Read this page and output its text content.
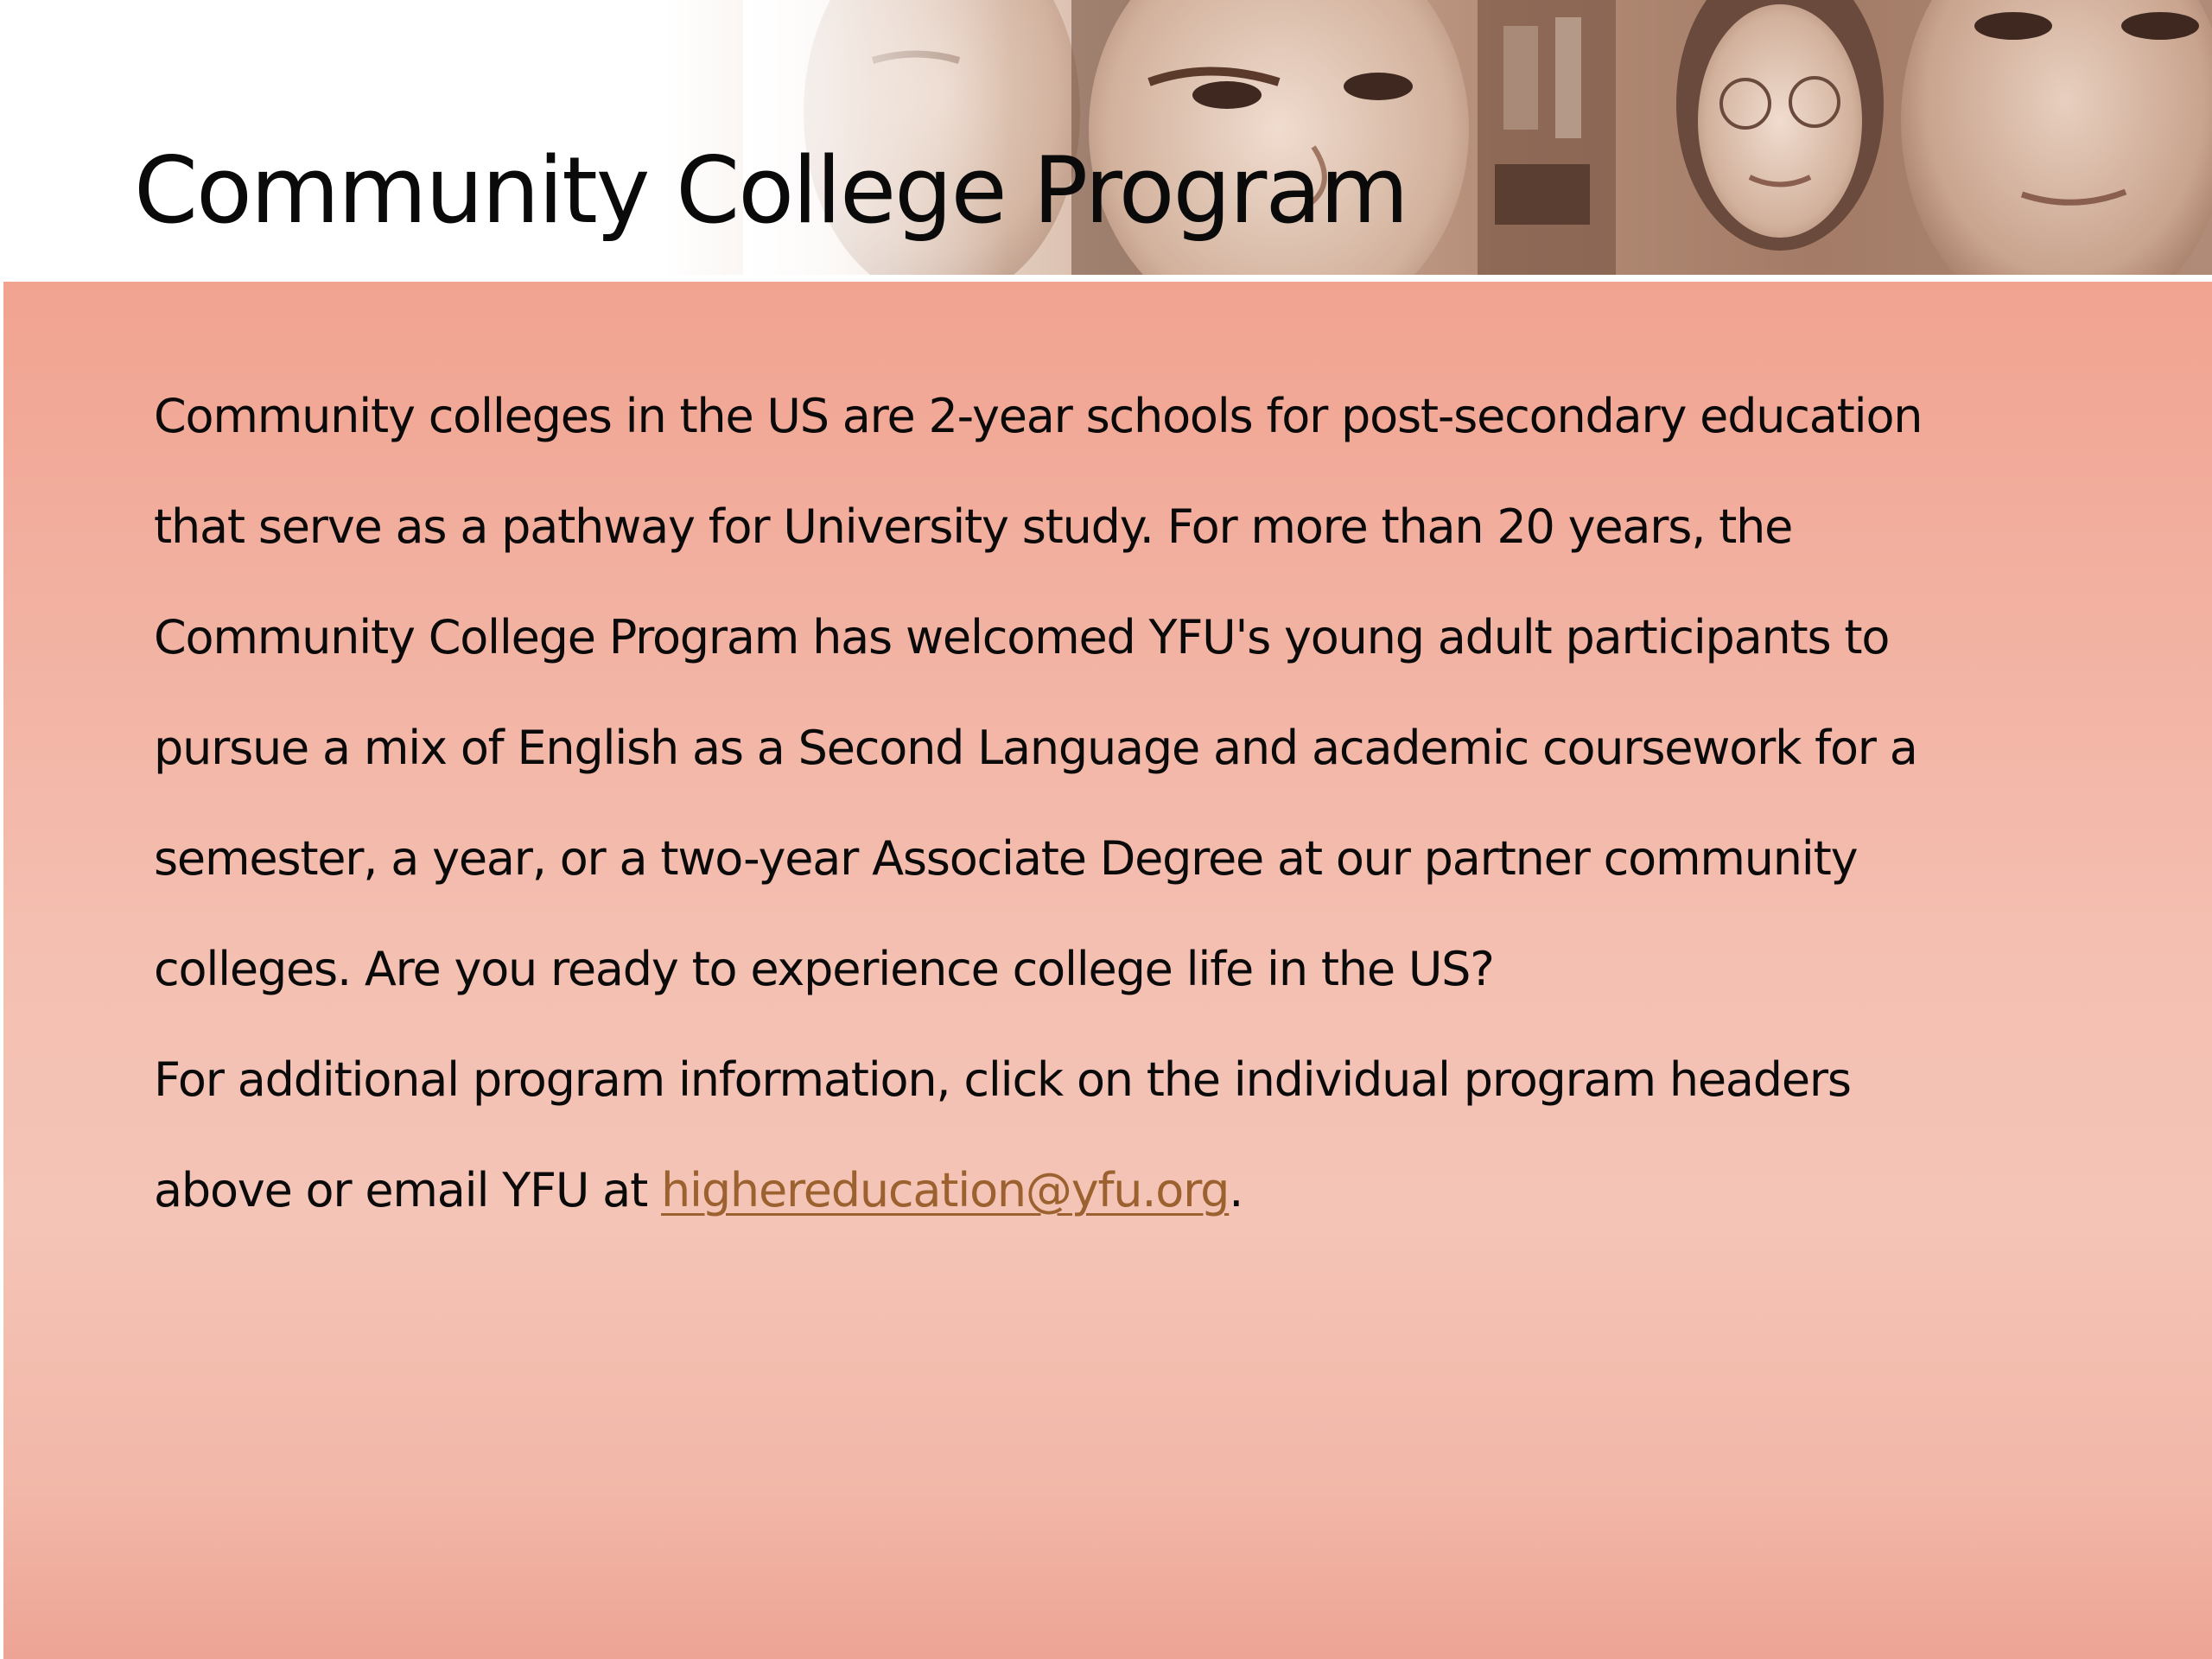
Community College Program
Community colleges in the US are 2-year schools for post-secondary education
that serve as a pathway for University study. For more than 20 years, the
Community College Program has welcomed YFU's young adult participants to
pursue a mix of English as a Second Language and academic coursework for a
semester, a year, or a two-year Associate Degree at our partner community
colleges. Are you ready to experience college life in the US?
For additional program information, click on the individual program headers
above or email YFU at highereducation@yfu.org.
